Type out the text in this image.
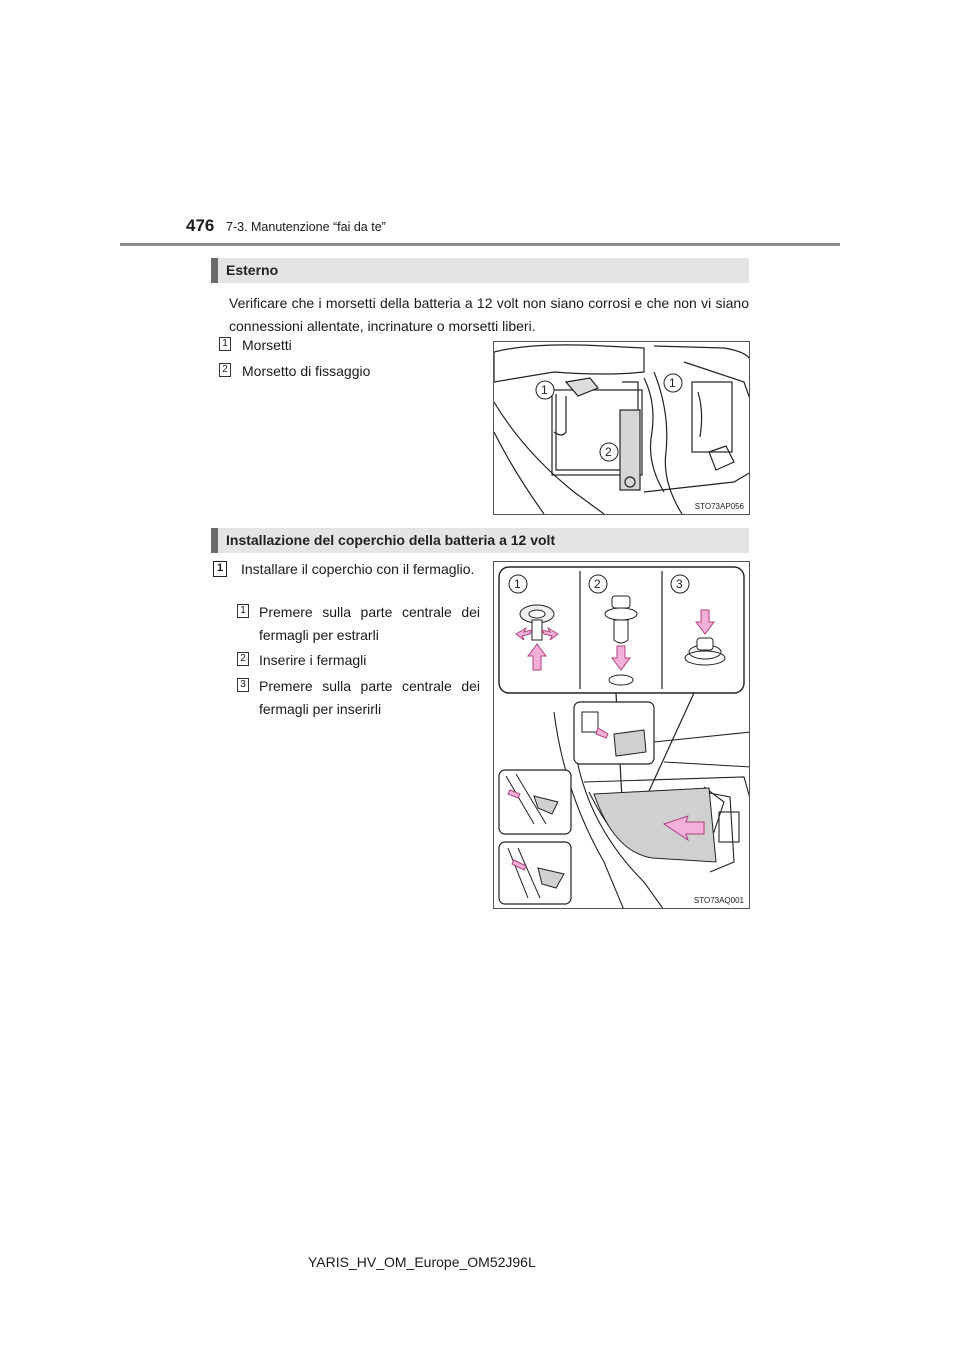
476 7-3. Manutenzione “fai da te”
Esterno
Verificare che i morsetti della batteria a 12 volt non siano corrosi e che non vi siano connessioni allentate, incrinature o morsetti liberi.
1 Morsetti
2 Morsetto di fissaggio
1	1
2
STO73AP056
Installazione del coperchio della batteria a 12 volt
1 Installare il coperchio con il fermaglio.
1 Premere sulla parte centrale dei fermagli per estrarli
2 Inserire i fermagli
3 Premere sulla parte centrale dei fermagli per inserirli
1	2	3
STO73AQ001
YARIS_HV_OM_Europe_OM52J96L
